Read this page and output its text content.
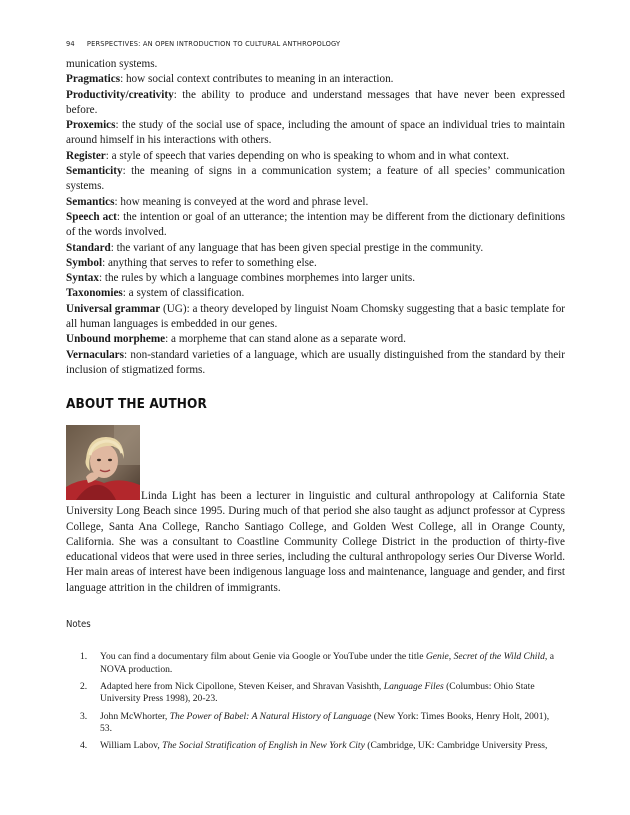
94 PERSPECTIVES: AN OPEN INTRODUCTION TO CULTURAL ANTHROPOLOGY

munication systems.

Pragmatics: how social context contributes to meaning in an interaction.

Productivity/creativity: the ability to produce and understand messages that have never been expressed before.

Proxemics: the study of the social use of space, including the amount of space an individual tries to maintain around himself in his interactions with others.

Register: a style of speech that varies depending on who is speaking to whom and in what context.

Semanticity: the meaning of signs in a communication system; a feature of all species’ communication systems.

Semantics: how meaning is conveyed at the word and phrase level.

Speech act: the intention or goal of an utterance; the intention may be different from the dictionary definitions of the words involved.

Standard: the variant of any language that has been given special prestige in the community.

Symbol: anything that serves to refer to something else.

Syntax: the rules by which a language combines morphemes into larger units.

Taxonomies: a system of classification.

Universal grammar (UG): a theory developed by linguist Noam Chomsky suggesting that a basic template for all human languages is embedded in our genes.

Unbound morpheme: a morpheme that can stand alone as a separate word.

Vernaculars: non-standard varieties of a language, which are usually distinguished from the standard by their inclusion of stigmatized forms.

ABOUT THE AUTHOR

Linda Light has been a lecturer in linguistic and cultural anthropology at California State University Long Beach since 1995. During much of that period she also taught as adjunct professor at Cypress College, Santa Ana College, Rancho Santiago College, and Golden West College, all in Orange County, California. She was a consultant to Coastline Community College District in the production of thirty-five educational videos that were used in three series, including the cultural anthropology series Our Diverse World. Her main areas of interest have been indigenous language loss and maintenance, language and gender, and first language attrition in the children of immigrants.

Notes

1. You can find a documentary film about Genie via Google or YouTube under the title Genie, Secret of the Wild Child, a NOVA production.
2. Adapted here from Nick Cipollone, Steven Keiser, and Shravan Vasishth, Language Files (Columbus: Ohio State University Press 1998), 20-23.
3. John McWhorter, The Power of Babel: A Natural History of Language (New York: Times Books, Henry Holt, 2001), 53.
4. William Labov, The Social Stratification of English in New York City (Cambridge, UK: Cambridge University Press,
